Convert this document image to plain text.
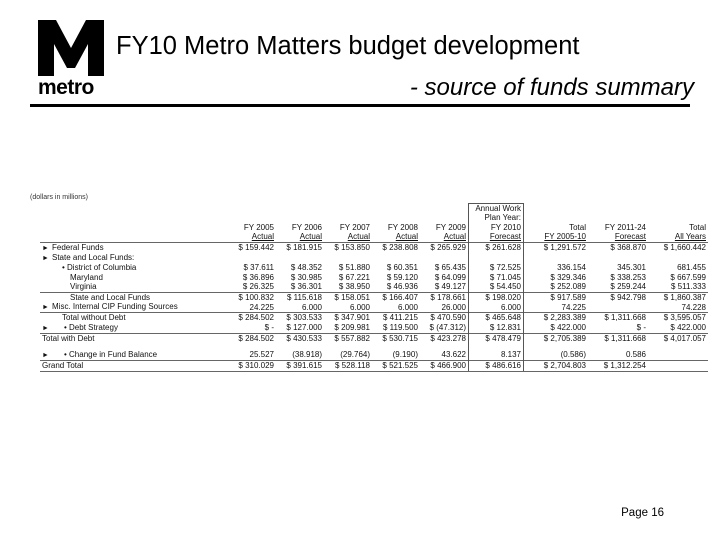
metro
FY10 Metro Matters budget development
- source of funds summary
(dollars in millions)
						Annual Work			
						Plan Year:			
	FY 2005	FY 2006	FY 2007	FY 2008	FY 2009	FY 2010	Total	FY 2011-24	Total
	Actual	Actual	Actual	Actual	Actual	Forecast	FY 2005-10	Forecast	All Years
► Federal Funds	$ 159.442	$ 181.915	$ 153.850	$ 238.808	$ 265.929	$ 261.628	$ 1,291.572	$ 368.870	$ 1,660.442
► State and Local Funds:									
• District of Columbia	$ 37.611	$ 48.352	$ 51.880	$ 60.351	$ 65.435	$ 72.525	336.154	345.301	681.455
Maryland	$ 36.896	$ 30.985	$ 67.221	$ 59.120	$ 64.099	$ 71.045	$ 329.346	$ 338.253	$ 667.599
Virginia	$ 26.325	$ 36.301	$ 38.950	$ 46.936	$ 49.127	$ 54.450	$ 252.089	$ 259.244	$ 511.333
State and Local Funds	$ 100.832	$ 115.618	$ 158.051	$ 166.407	$ 178.661	$ 198.020	$ 917.589	$ 942.798	$ 1,860.387
► Misc. Internal CIP Funding Sources	24.225	6.000	6.000	6.000	26.000	6.000	74.225		74.228
Total without Debt	$ 284.502	$ 303.533	$ 347.901	$ 411.215	$ 470.590	$ 465.648	$ 2,283.389	$ 1,311.668	$ 3,595.057
► • Debt Strategy	$ -	$ 127.000	$ 209.981	$ 119.500	$ (47.312)	$ 12.831	$ 422.000	$ -	$ 422.000
Total with Debt	$ 284.502	$ 430.533	$ 557.882	$ 530.715	$ 423.278	$ 478.479	$ 2,705.389	$ 1,311.668	$ 4,017.057

► • Change in Fund Balance	25.527	(38.918)	(29.764)	(9.190)	43.622	8.137	(0.586)	0.586	
Grand Total	$ 310.029	$ 391.615	$ 528.118	$ 521.525	$ 466.900	$ 486.616	$ 2,704.803	$ 1,312.254	
Page 16
